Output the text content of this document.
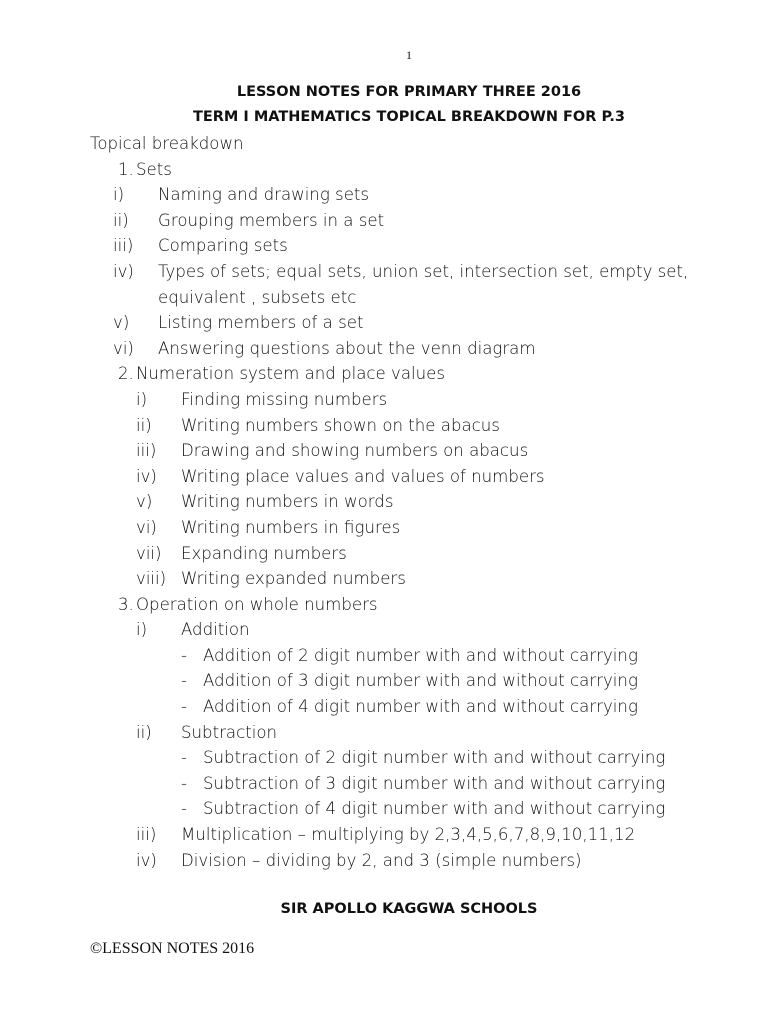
1
LESSON NOTES FOR PRIMARY THREE 2016
TERM I MATHEMATICS TOPICAL BREAKDOWN FOR P.3
Topical breakdown
1. Sets
i) Naming and drawing sets
ii) Grouping members in a set
iii) Comparing sets
iv) Types of sets; equal sets, union set, intersection set, empty set,
equivalent , subsets etc
v) Listing members of a set
vi) Answering questions about the venn diagram
2. Numeration system and place values
i) Finding missing numbers
ii) Writing numbers shown on the abacus
iii) Drawing and showing numbers on abacus
iv) Writing place values and values of numbers
v) Writing numbers in words
vi) Writing numbers in figures
vii) Expanding numbers
viii) Writing expanded numbers
3. Operation on whole numbers
i) Addition
- Addition of 2 digit number with and without carrying
- Addition of 3 digit number with and without carrying
- Addition of 4 digit number with and without carrying
ii) Subtraction
- Subtraction of 2 digit number with and without carrying
- Subtraction of 3 digit number with and without carrying
- Subtraction of 4 digit number with and without carrying
iii) Multiplication – multiplying by 2,3,4,5,6,7,8,9,10,11,12
iv) Division – dividing by 2, and 3 (simple numbers)
SIR APOLLO KAGGWA SCHOOLS
©LESSON NOTES 2016
